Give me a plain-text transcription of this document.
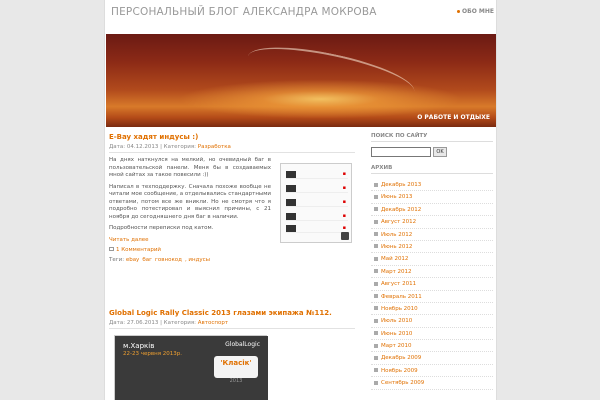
ПЕРСОНАЛЬНЫЙ БЛОГ АЛЕКСАНДРА МОКРОВА	ОБО МНЕ
О РАБОТЕ И ОТДЫХЕ
E-Bay хадят индусы :)
Дата: 04.12.2013 | Категория: Разработка
▪
▪
▪
▪
▪
На днях наткнулся на мелкий, но очевидный баг в пользовательской панели. Меня бы в создаваемых мной сайтах за такое повесили :))
Написал в техподдержку. Сначала похоже вообще не читали мое сообщение, а отделывались стандартными ответами, потом все же вникли. Но не смотря что я подробно потестировал и выяснил причины, с 21 ноября до сегодняшнего дня баг в наличии.
Подробности переписки под катом.
Читать далее
1 Комментарий
Теги: ebay баг говнокод , индусы
Global Logic Rally Classic 2013 глазами экипажа №112.
Дата: 27.06.2013 | Категория: Автоспорт
м.Харків
22-23 червня 2013р.
GlobalLogic
'Класік'
2013
ПОИСК ПО САЙТУ
OK
АРХИВ
Декабрь 2013
Июнь 2013
Декабрь 2012
Август 2012
Июль 2012
Июнь 2012
Май 2012
Март 2012
Август 2011
Февраль 2011
Ноябрь 2010
Июль 2010
Июнь 2010
Март 2010
Декабрь 2009
Ноябрь 2009
Сентябрь 2009
